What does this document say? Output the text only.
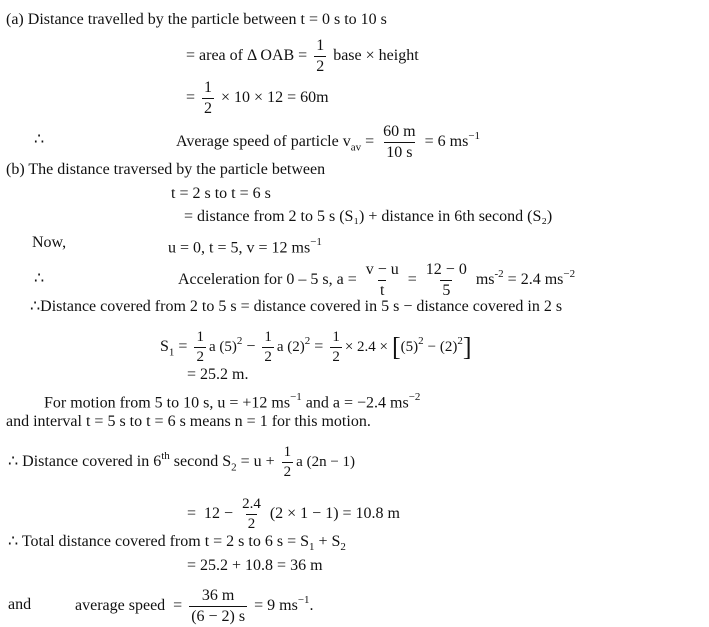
(a) Distance travelled by the particle between t = 0 s to 10 s
= area of Δ OAB = $\frac{1}{2}$ base × height
= $\frac{1}{2} \times 10 \times 12 = 60m$
∴	Average speed of particle $v_{av} = \frac{60 m}{10 s} = 6$ $ms^{-1}$
(b) The distance traversed by the particle between
t = 2 s to t = 6 s
= distance from 2 to 5 s (S₁) + distance in 6th second (S₂)
Now,	u = 0, t = 5, v = 12 $ms^{-1}$
∴	Acceleration for 0 – 5 s, $a = \frac{v - u}{t} = \frac{12 - 0}{5} ms^{-2} = 2.4$ $ms^{-2}$
∴Distance covered from 2 to 5 s = distance covered in 5 s − distance covered in 2 s
$S_1 = \frac{1}{2}$ a $(5)^2 - \frac{1}{2}$ a $(2)^2 = \frac{1}{2} \times 2.4 \times [(5)^2 - (2)^2]$
= 25.2 m.
For motion from 5 to 10 s, u = +12 $ms^{-1}$ and a = −2.4 $ms^{-2}$
and interval t = 5 s to t = 6 s means n = 1 for this motion.
∴ Distance covered in 6th second $S_2 = u + \frac{1}{2}$ a (2n − 1)
= $12 - \frac{2.4}{2} (2 \times 1 - 1) = 10.8$ m
∴ Total distance covered from t = 2 s to 6 $s = S_1 + S_2$
= 25.2 + 10.8 = 36 m
and	average speed = $\frac{36 m}{(6 - 2) s} = 9$ $ms^{-1}$.
